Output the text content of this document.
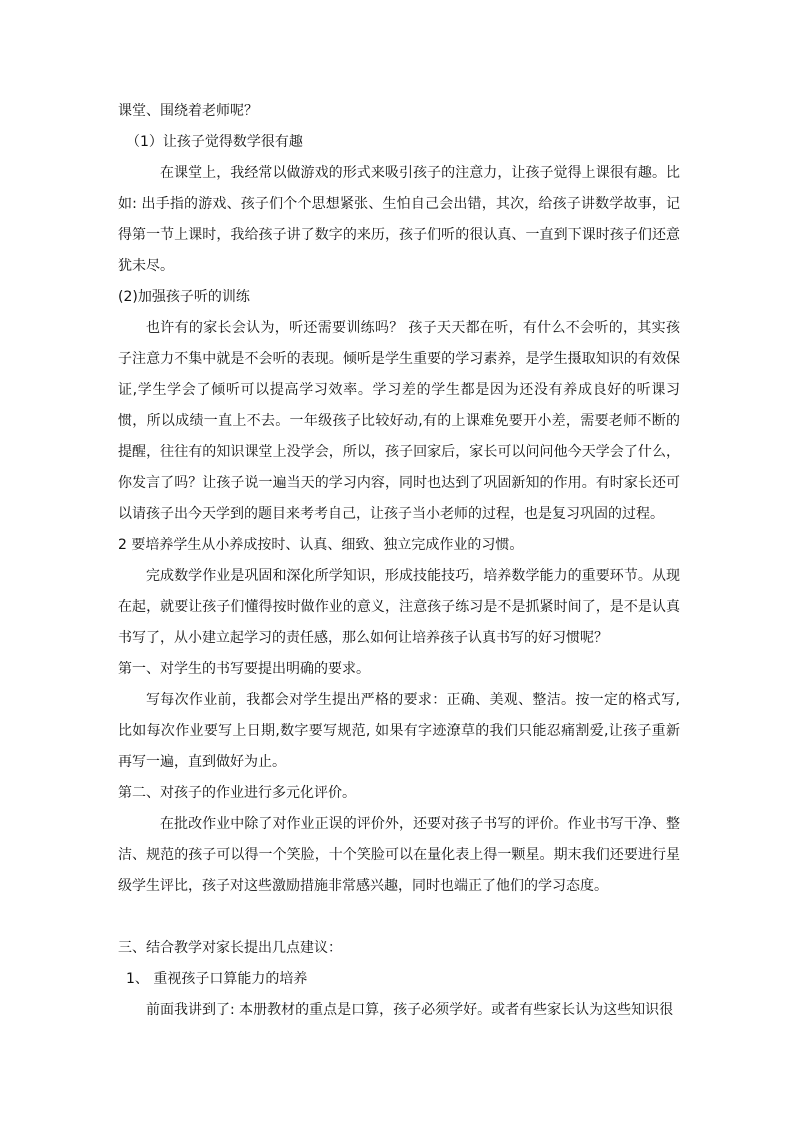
课堂、围绕着老师呢？

（1）让孩子觉得数学很有趣

在课堂上，我经常以做游戏的形式来吸引孩子的注意力，让孩子觉得上课很有趣。比如: 出手指的游戏、孩子们个个思想紧张、生怕自己会出错，其次，给孩子讲数学故事，记得第一节上课时，我给孩子讲了数字的来历，孩子们听的很认真、一直到下课时孩子们还意犹未尽。

(2)加强孩子听的训练

也许有的家长会认为，听还需要训练吗？ 孩子天天都在听，有什么不会听的，其实孩子注意力不集中就是不会听的表现。倾听是学生重要的学习素养，是学生摄取知识的有效保证,学生学会了倾听可以提高学习效率。学习差的学生都是因为还没有养成良好的听课习惯，所以成绩一直上不去。一年级孩子比较好动,有的上课难免要开小差，需要老师不断的提醒，往往有的知识课堂上没学会，所以，孩子回家后，家长可以问问他今天学会了什么，你发言了吗？让孩子说一遍当天的学习内容，同时也达到了巩固新知的作用。有时家长还可以请孩子出今天学到的题目来考考自己，让孩子当小老师的过程，也是复习巩固的过程。

2 要培养学生从小养成按时、认真、细致、独立完成作业的习惯。

完成数学作业是巩固和深化所学知识，形成技能技巧，培养数学能力的重要环节。从现在起，就要让孩子们懂得按时做作业的意义，注意孩子练习是不是抓紧时间了，是不是认真书写了，从小建立起学习的责任感，那么如何让培养孩子认真书写的好习惯呢？

第一、对学生的书写要提出明确的要求。

写每次作业前，我都会对学生提出严格的要求：正确、美观、整洁。按一定的格式写,比如每次作业要写上日期,数字要写规范, 如果有字迹潦草的我们只能忍痛割爱,让孩子重新再写一遍，直到做好为止。

第二、对孩子的作业进行多元化评价。

在批改作业中除了对作业正误的评价外，还要对孩子书写的评价。作业书写干净、整洁、规范的孩子可以得一个笑脸，十个笑脸可以在量化表上得一颗星。期末我们还要进行星级学生评比，孩子对这些激励措施非常感兴趣，同时也端正了他们的学习态度。

三、结合教学对家长提出几点建议：

1、 重视孩子口算能力的培养

前面我讲到了: 本册教材的重点是口算，孩子必须学好。或者有些家长认为这些知识很
